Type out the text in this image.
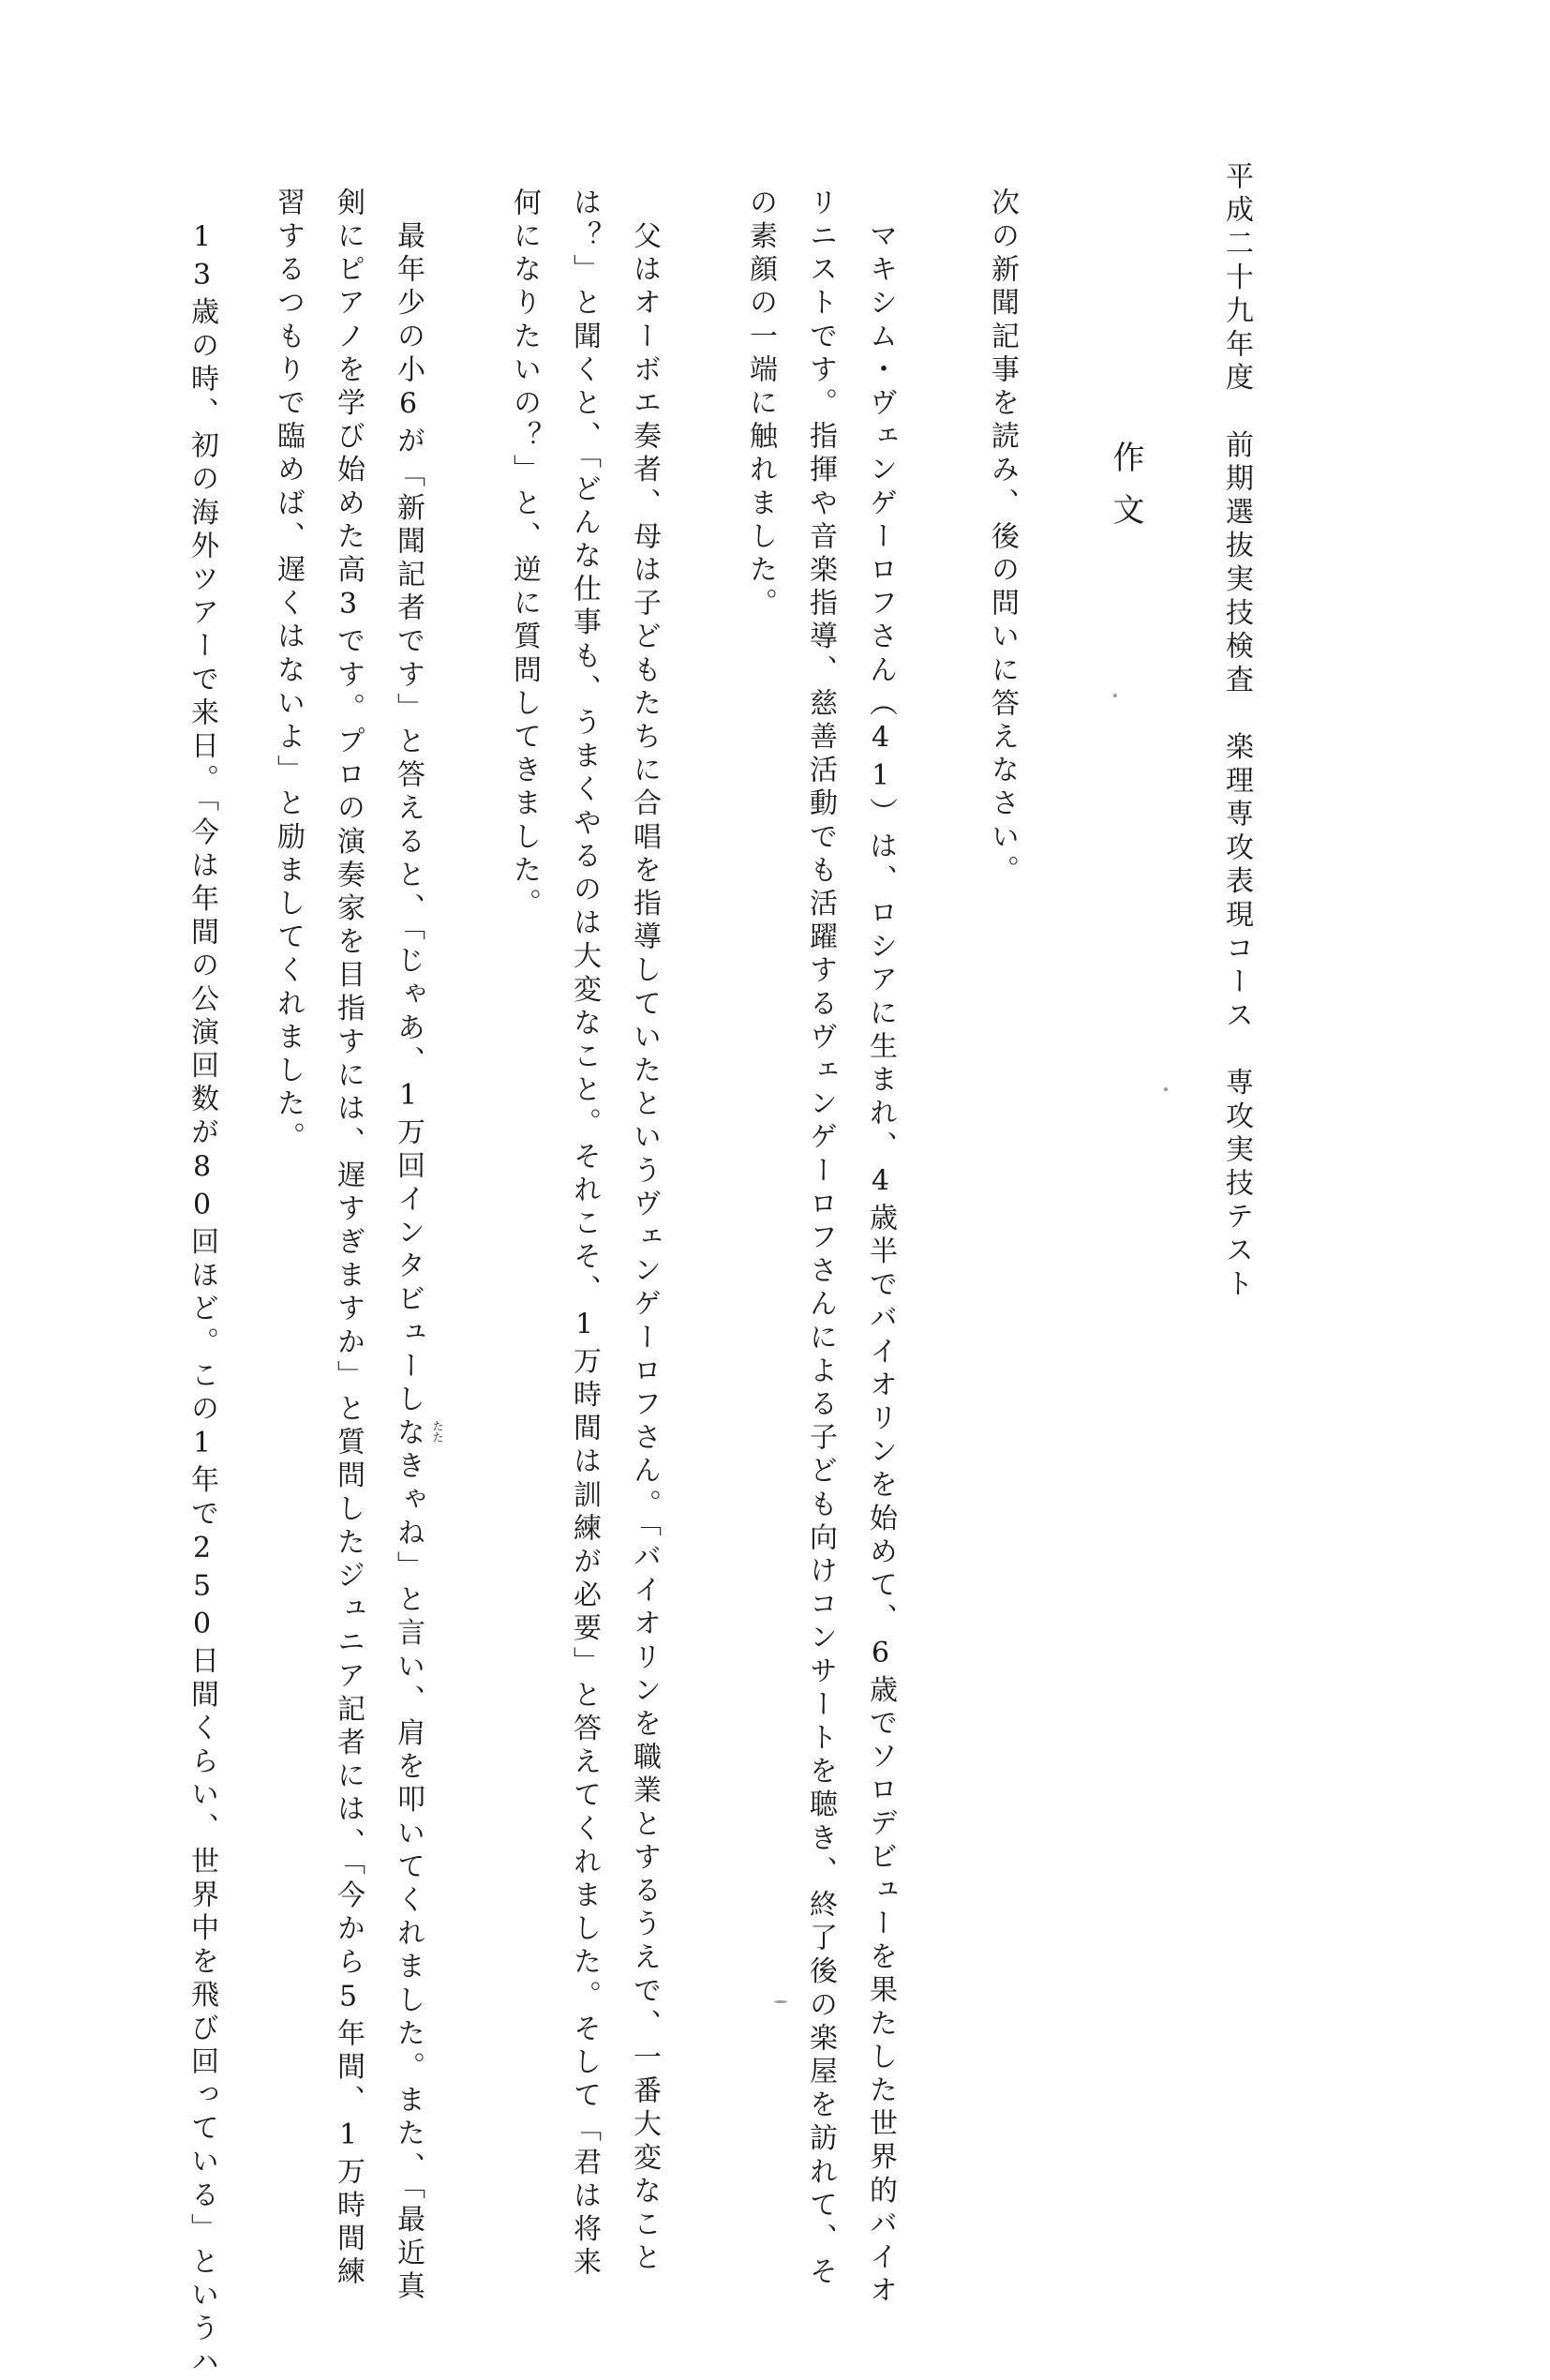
平成二十九年度　前期選抜実技検査　楽理専攻表現コース　専攻実技テスト
作文
次の新聞記事を読み、後の問いに答えなさい。
　マキシム・ヴェンゲーロフさん（41）は、ロシアに生まれ、4歳半でバイオリンを始めて、6歳でソロデビューを果たした世界的バイオ
リニストです。指揮や音楽指導、慈善活動でも活躍するヴェンゲーロフさんによる子ども向けコンサートを聴き、終了後の楽屋を訪れて、そ
の素顔の一端に触れました。
　父はオーボエ奏者、母は子どもたちに合唱を指導していたというヴェンゲーロフさん。「バイオリンを職業とするうえで、一番大変なこと
は？」と聞くと、「どんな仕事も、うまくやるのは大変なこと。それこそ、1万時間は訓練が必要」と答えてくれました。そして「君は将来
何になりたいの？」と、逆に質問してきました。
　最年少の小6が「新聞記者です」と答えると、「じゃあ、1万回インタビューしなきゃね」と言い、肩を叩いてくれました。また、「最近真
剣にピアノを学び始めた高3です。プロの演奏家を目指すには、遅すぎますか」と質問したジュニア記者には、「今から5年間、1万時間練
習するつもりで臨めば、遅くはないよ」と励ましてくれました。
　13歳の時、初の海外ツアーで来日。「今は年間の公演回数が80回ほど。この1年で250日間くらい、世界中を飛び回っている」というハ	たた
